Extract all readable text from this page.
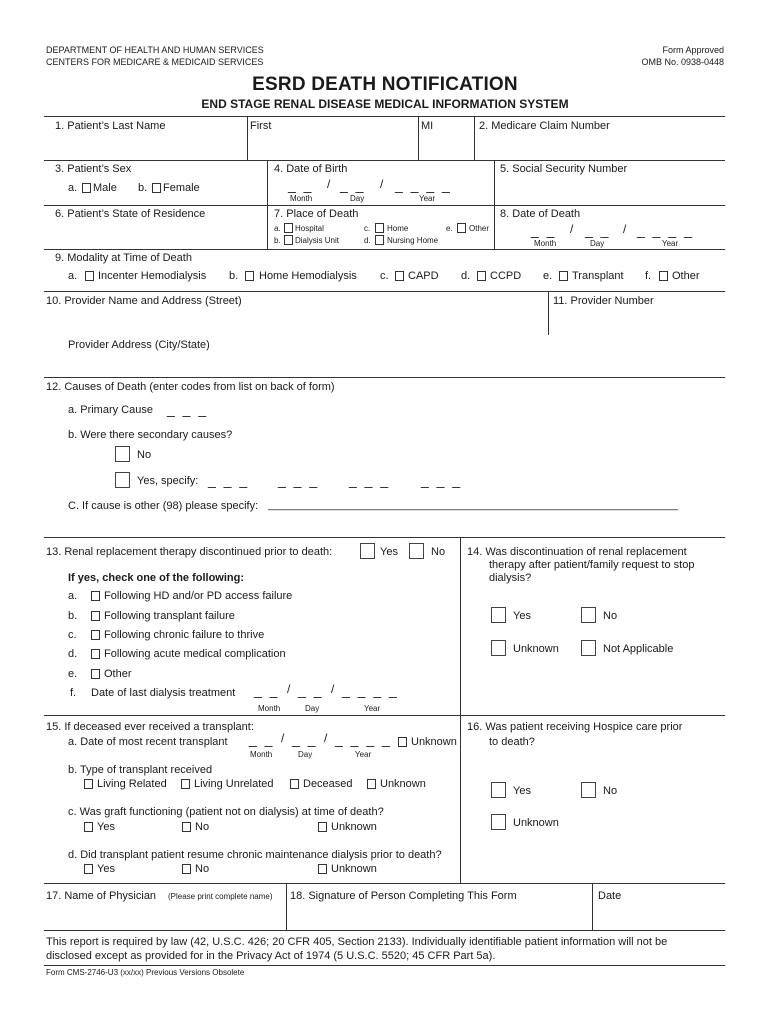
DEPARTMENT OF HEALTH AND HUMAN SERVICES
CENTERS FOR MEDICARE & MEDICAID SERVICES
Form Approved
OMB No. 0938-0448
ESRD DEATH NOTIFICATION
END STAGE RENAL DISEASE MEDICAL INFORMATION SYSTEM
1. Patient’s Last Name	First	MI	2. Medicare Claim Number
3. Patient’s Sex
a. Male b. Female
4. Date of Birth
_ _ / _ _ / _ _ _ _
Month	Day	Year
5. Social Security Number
6. Patient’s State of Residence	7. Place of Death
a. Hospital
b. Dialysis Unit
c. Home
d. Nursing Home
e. Other
8. Date of Death
_ _ / _ _ / _ _ _ _
Month	Day	Year
9. Modality at Time of Death
a. Incenter Hemodialysis b. Home Hemodialysis c. CAPD d. CCPD e. Transplant f. Other
10. Provider Name and Address (Street)	11. Provider Number
Provider Address (City/State)
12. Causes of Death (enter codes from list on back of form)
a. Primary Cause _ _ _
b. Were there secondary causes?
No
Yes, specify: _ _ _ _ _ _ _ _ _ _ _ _
C. If cause is other (98) please specify: ___________________________________________________________________
13. Renal replacement therapy discontinued prior to death:	Yes	No
If yes, check one of the following:
a. Following HD and/or PD access failure
b. Following transplant failure
c. Following chronic failure to thrive
d. Following acute medical complication
e. Other
f. Date of last dialysis treatment _ _ / _ _ / _ _ _ _
Month	Day	Year
14. Was discontinuation of renal replacement
therapy after patient/family request to stop
dialysis?
Yes	No
Unknown	Not Applicable
15. If deceased ever received a transplant:
a. Date of most recent transplant _ _ / _ _ / _ _ _ _ Unknown
Month	Day	Year
b. Type of transplant received
Living Related Living Unrelated	Deceased Unknown
c. Was graft functioning (patient not on dialysis) at time of death?
Yes	No	Unknown
d. Did transplant patient resume chronic maintenance dialysis prior to death?
Yes	No	Unknown
16. Was patient receiving Hospice care prior
to death?
Yes	No
Unknown
17. Name of Physician (Please print complete name) 18. Signature of Person Completing This Form	Date
This report is required by law (42, U.S.C. 426; 20 CFR 405, Section 2133). Individually identifiable patient information will not be
disclosed except as provided for in the Privacy Act of 1974 (5 U.S.C. 5520; 45 CFR Part 5a).
Form CMS-2746-U3 (xx/xx) Previous Versions Obsolete
